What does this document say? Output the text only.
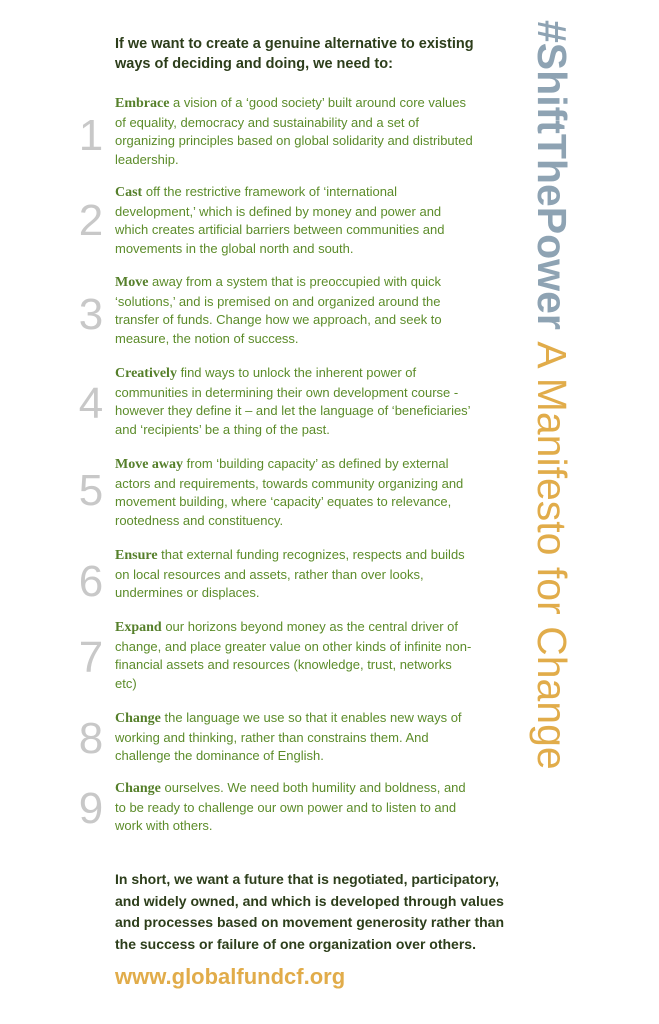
If we want to create a genuine alternative to existing ways of deciding and doing, we need to:
1
Embrace a vision of a ‘good society’ built around core values of equality, democracy and sustainability and a set of organizing principles based on global solidarity and distributed leadership.
2
Cast off the restrictive framework of ‘international development,’ which is defined by money and power and which creates artificial barriers between communities and movements in the global north and south.
3
Move away from a system that is preoccupied with quick ‘solutions,’ and is premised on and organized around the transfer of funds. Change how we approach, and seek to measure, the notion of success.
4
Creatively find ways to unlock the inherent power of communities in determining their own development course - however they define it – and let the language of ‘beneficiaries’ and ‘recipients’ be a thing of the past.
5
Move away from ‘building capacity’ as defined by external actors and requirements, towards community organizing and movement building, where ‘capacity’ equates to relevance, rootedness and constituency.
6
Ensure that external funding recognizes, respects and builds on local resources and assets, rather than over looks, undermines or displaces.
7
Expand our horizons beyond money as the central driver of change, and place greater value on other kinds of infinite non-financial assets and resources (knowledge, trust, networks etc)
8 Change the language we use so that it enables new ways of working and thinking, rather than constrains them. And challenge the dominance of English.
9 Change ourselves. We need both humility and boldness, and to be ready to challenge our own power and to listen to and work with others.
In short, we want a future that is negotiated, participatory, and widely owned, and which is developed through values and processes based on movement generosity rather than the success or failure of one organization over others.
www.globalfundcf.org
#ShiftThePower A Manifesto for Change
